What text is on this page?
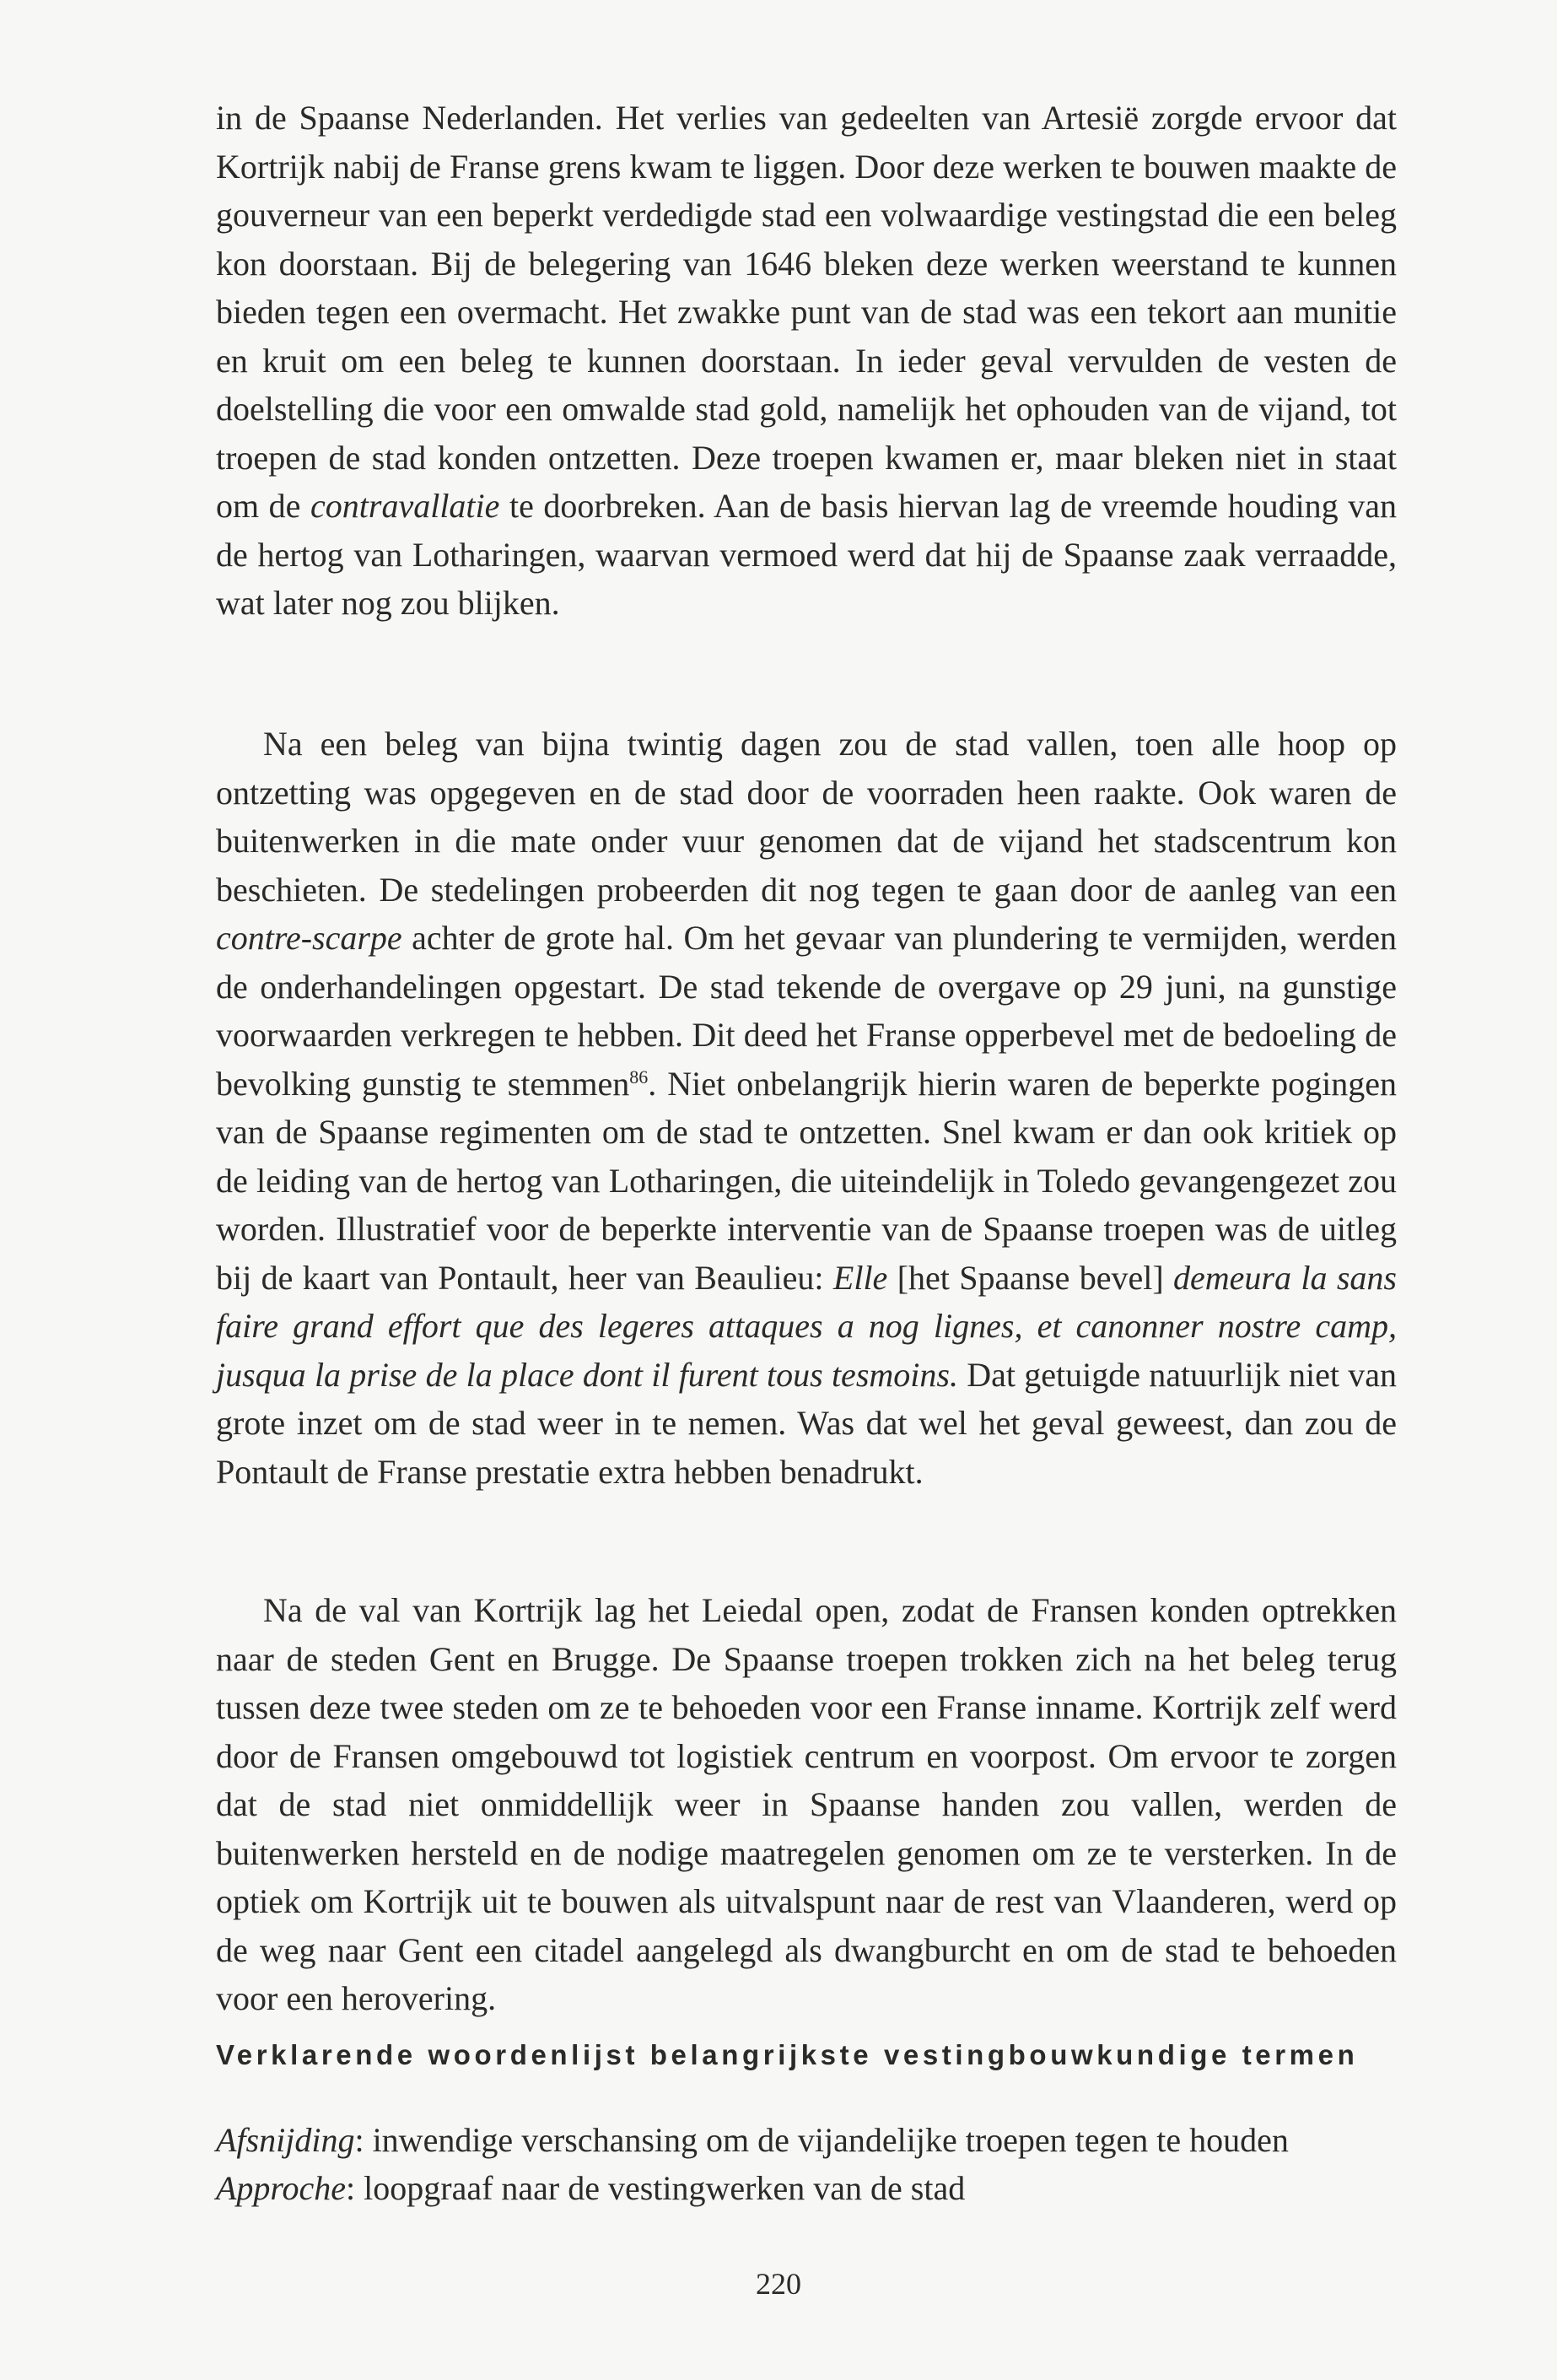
in de Spaanse Nederlanden. Het verlies van gedeelten van Artesië zorgde ervoor dat Kortrijk nabij de Franse grens kwam te liggen. Door deze werken te bouwen maakte de gouverneur van een beperkt verdedigde stad een volwaardige vestingstad die een beleg kon doorstaan. Bij de belegering van 1646 bleken deze werken weerstand te kunnen bieden tegen een overmacht. Het zwakke punt van de stad was een tekort aan munitie en kruit om een beleg te kunnen doorstaan. In ieder geval vervulden de vesten de doelstelling die voor een omwalde stad gold, namelijk het ophouden van de vijand, tot troepen de stad konden ontzetten. Deze troepen kwamen er, maar bleken niet in staat om de contravallatie te doorbreken. Aan de basis hiervan lag de vreemde houding van de hertog van Lotharingen, waarvan vermoed werd dat hij de Spaanse zaak verraadde, wat later nog zou blijken.

Na een beleg van bijna twintig dagen zou de stad vallen, toen alle hoop op ontzetting was opgegeven en de stad door de voorraden heen raakte. Ook waren de buitenwerken in die mate onder vuur genomen dat de vijand het stadscentrum kon beschieten. De stedelingen probeerden dit nog tegen te gaan door de aanleg van een contre-scarpe achter de grote hal. Om het gevaar van plundering te vermijden, werden de onderhandelingen opgestart. De stad tekende de overgave op 29 juni, na gunstige voorwaarden verkregen te hebben. Dit deed het Franse opperbevel met de bedoeling de bevolking gunstig te stemmen$^{86}$. Niet onbelangrijk hierin waren de beperkte pogingen van de Spaanse regimenten om de stad te ontzetten. Snel kwam er dan ook kritiek op de leiding van de hertog van Lotharingen, die uiteindelijk in Toledo gevangengezet zou worden. Illustratief voor de beperkte interventie van de Spaanse troepen was de uitleg bij de kaart van Pontault, heer van Beaulieu: Elle [het Spaanse bevel] demeura la sans faire grand effort que des legeres attaques a nog lignes, et canonner nostre camp, jusqua la prise de la place dont il furent tous tesmoins. Dat getuigde natuurlijk niet van grote inzet om de stad weer in te nemen. Was dat wel het geval geweest, dan zou de Pontault de Franse prestatie extra hebben benadrukt.

Na de val van Kortrijk lag het Leiedal open, zodat de Fransen konden optrekken naar de steden Gent en Brugge. De Spaanse troepen trokken zich na het beleg terug tussen deze twee steden om ze te behoeden voor een Franse inname. Kortrijk zelf werd door de Fransen omgebouwd tot logistiek centrum en voorpost. Om ervoor te zorgen dat de stad niet onmiddellijk weer in Spaanse handen zou vallen, werden de buitenwerken hersteld en de nodige maatregelen genomen om ze te versterken. In de optiek om Kortrijk uit te bouwen als uitvalspunt naar de rest van Vlaanderen, werd op de weg naar Gent een citadel aangelegd als dwangburcht en om de stad te behoeden voor een herovering.

Verklarende woordenlijst belangrijkste vestingbouwkundige termen

Afsnijding: inwendige verschansing om de vijandelijke troepen tegen te houden

Approche: loopgraaf naar de vestingwerken van de stad

220
